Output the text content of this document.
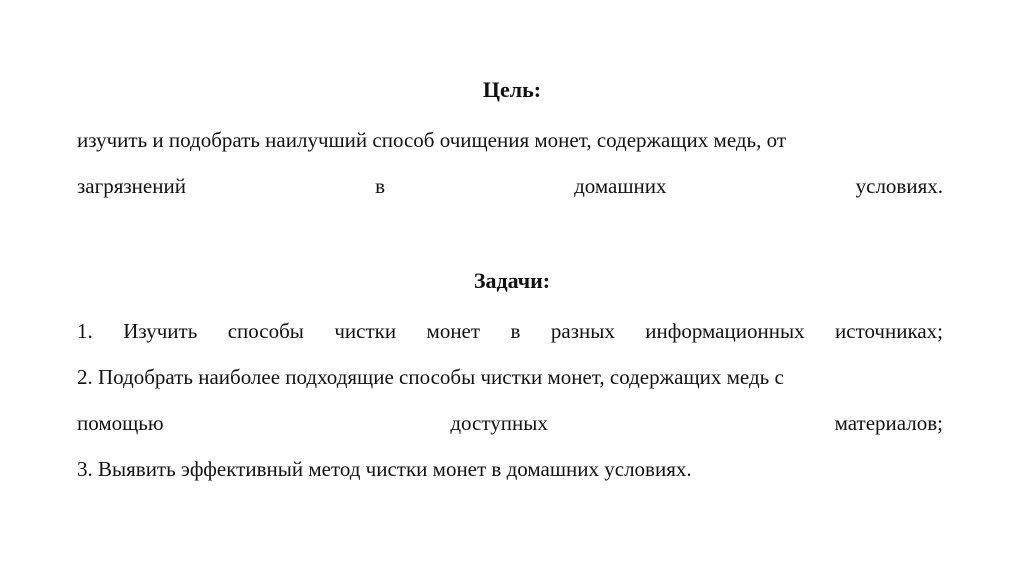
Цель:
изучить и подобрать наилучший способ очищения монет, содержащих медь, от
загрязнений	в	домашних	условиях.
Задачи:
1. Изучить способы чистки монет в разных информационных источниках;
2. Подобрать наиболее подходящие способы чистки монет, содержащих медь с
помощью	доступных	материалов;
3. Выявить эффективный метод чистки монет в домашних условиях.
